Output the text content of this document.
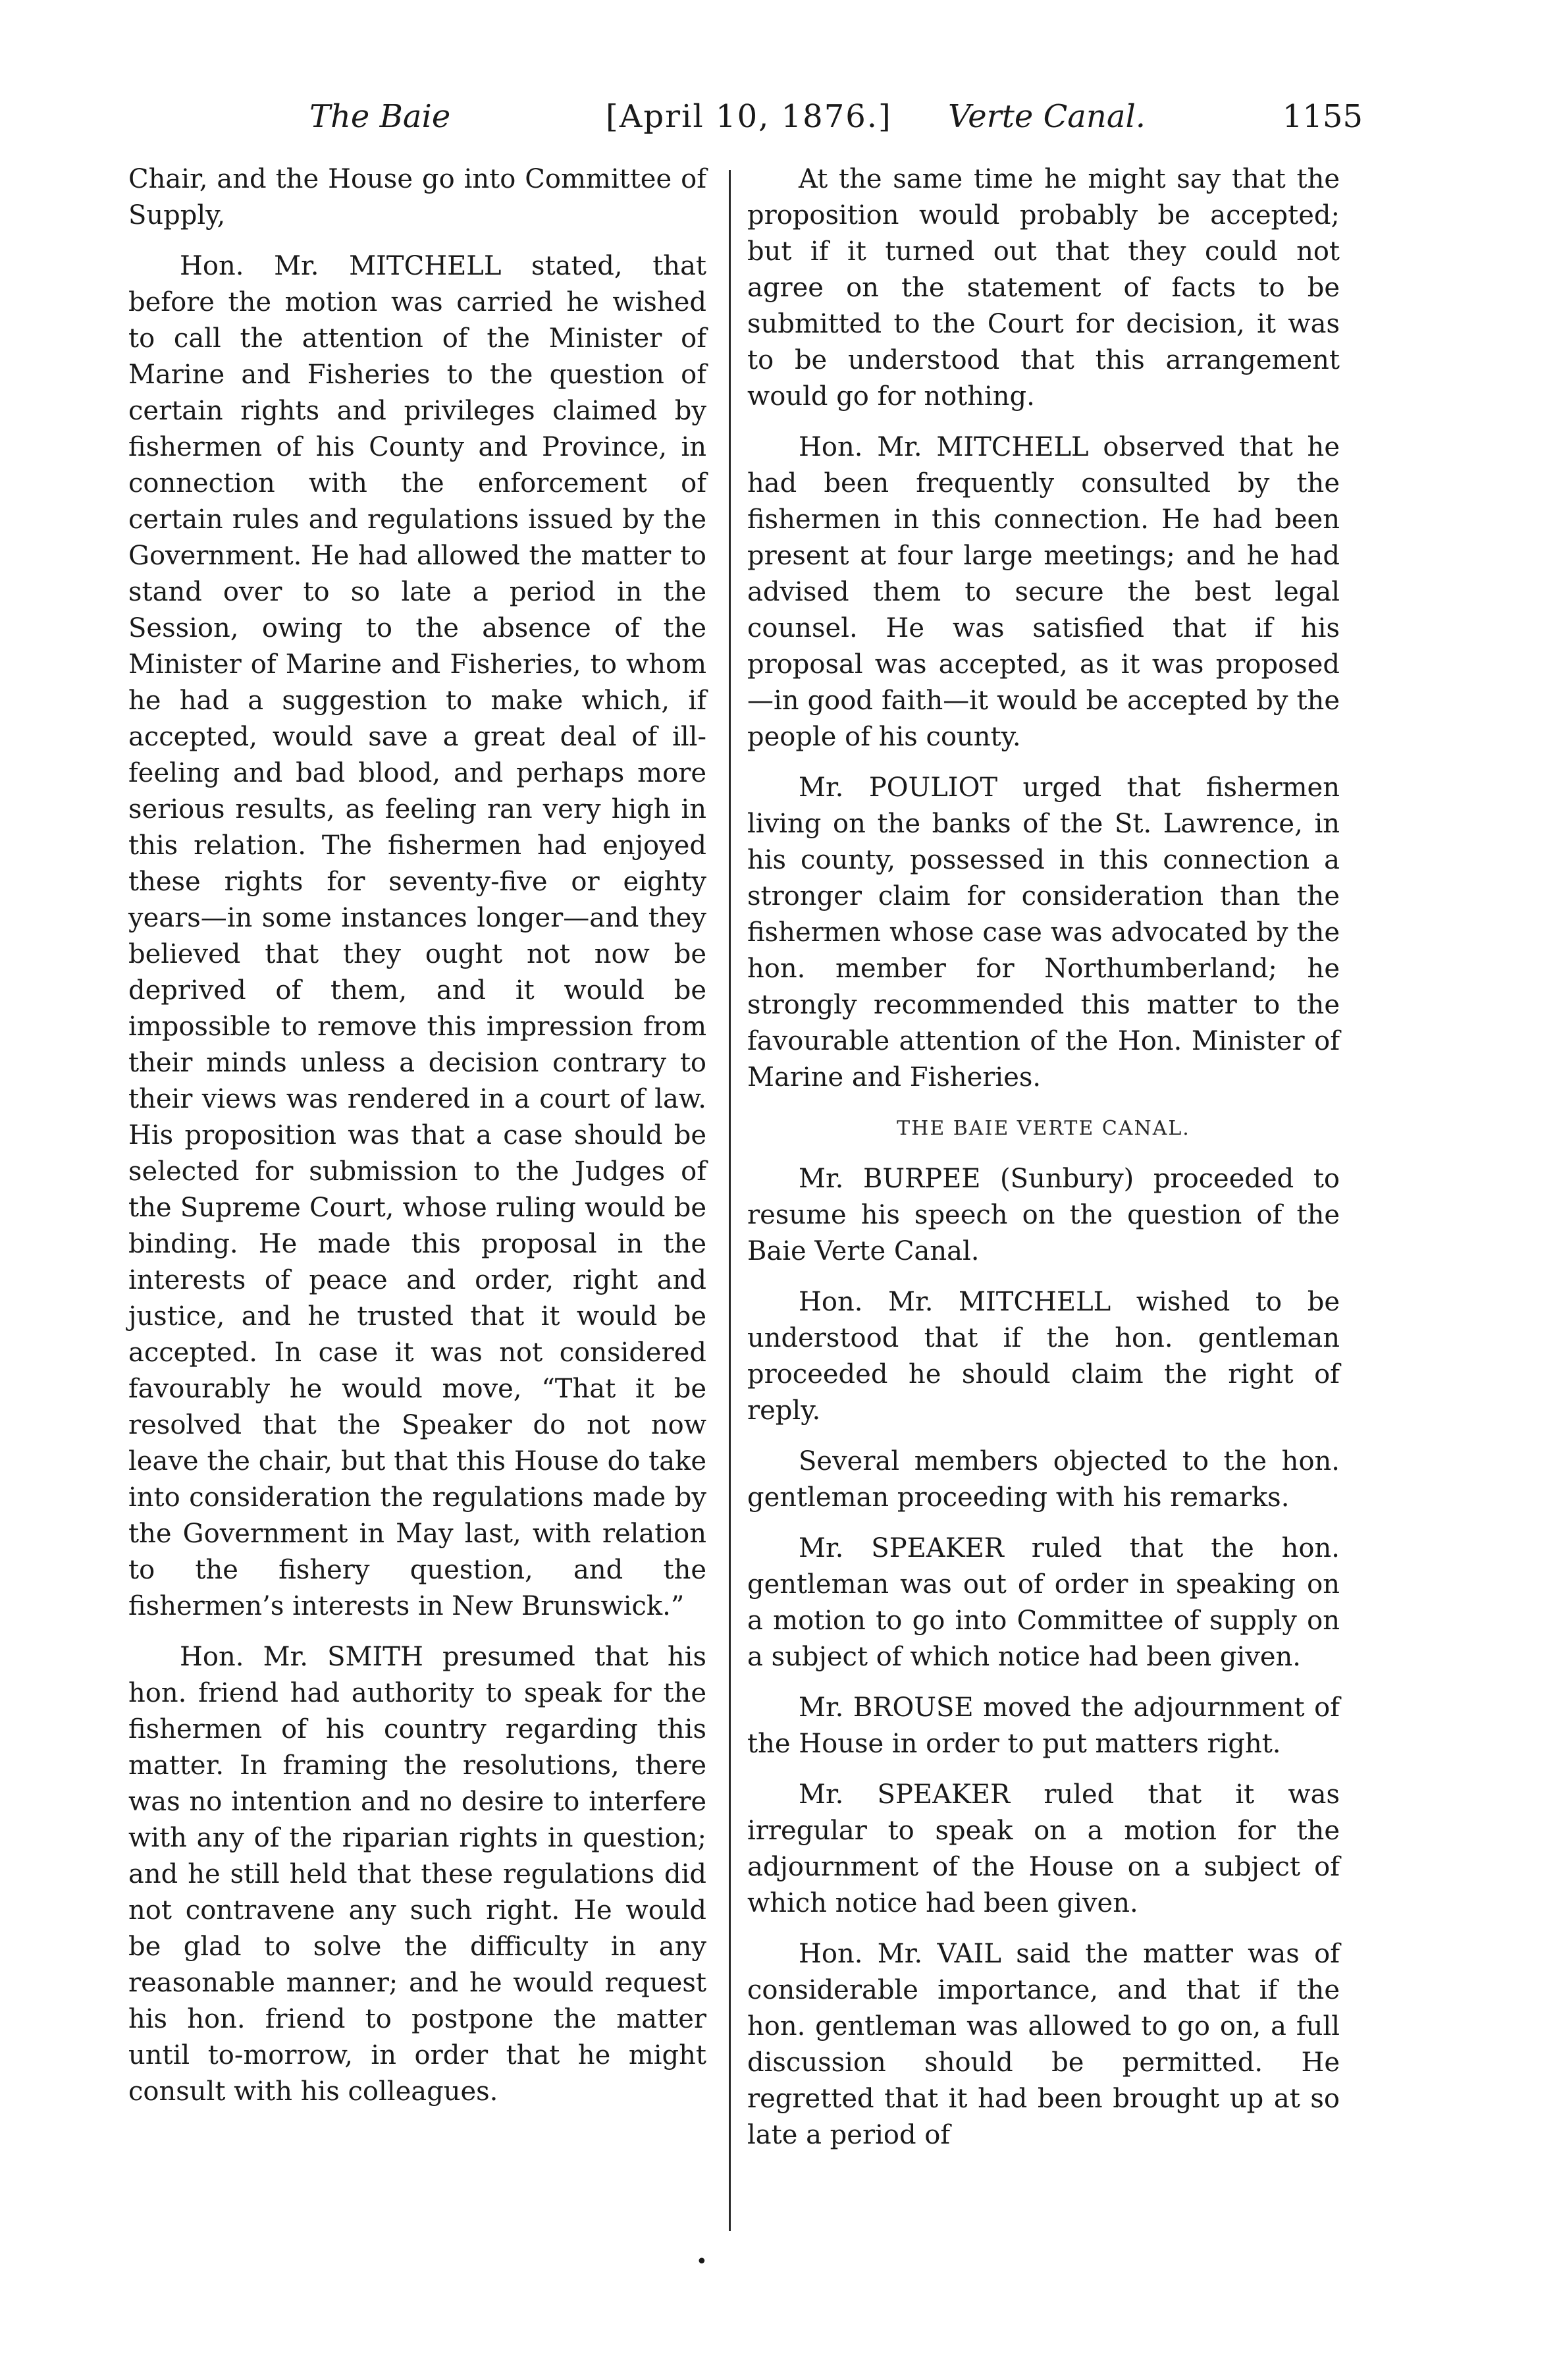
The Baie	[April 10, 1876.] Verte Canal.	1155

Chair, and the House go into Committee of Supply,

Hon. Mr. MITCHELL stated, that before the motion was carried he wished to call the attention of the Minister of Marine and Fisheries to the question of certain rights and privileges claimed by fishermen of his County and Province, in connection with the enforcement of certain rules and regulations issued by the Government. He had allowed the matter to stand over to so late a period in the Session, owing to the absence of the Minister of Marine and Fisheries, to whom he had a suggestion to make which, if accepted, would save a great deal of ill-feeling and bad blood, and perhaps more serious results, as feeling ran very high in this relation. The fishermen had enjoyed these rights for seventy-five or eighty years—in some instances longer—and they believed that they ought not now be deprived of them, and it would be impossible to remove this impression from their minds unless a decision contrary to their views was rendered in a court of law. His proposition was that a case should be selected for submission to the Judges of the Supreme Court, whose ruling would be binding. He made this proposal in the interests of peace and order, right and justice, and he trusted that it would be accepted. In case it was not considered favourably he would move, “That it be resolved that the Speaker do not now leave the chair, but that this House do take into consideration the regulations made by the Government in May last, with relation to the fishery question, and the fishermen’s interests in New Brunswick.”

Hon. Mr. SMITH presumed that his hon. friend had authority to speak for the fishermen of his country regarding this matter. In framing the resolutions, there was no intention and no desire to interfere with any of the riparian rights in question; and he still held that these regulations did not contravene any such right. He would be glad to solve the difficulty in any reasonable manner; and he would request his hon. friend to postpone the matter until to-morrow, in order that he might consult with his colleagues.

At the same time he might say that the proposition would probably be accepted; but if it turned out that they could not agree on the statement of facts to be submitted to the Court for decision, it was to be understood that this arrangement would go for nothing.

Hon. Mr. MITCHELL observed that he had been frequently consulted by the fishermen in this connection. He had been present at four large meetings; and he had advised them to secure the best legal counsel. He was satisfied that if his proposal was accepted, as it was proposed—in good faith—it would be accepted by the people of his county.

Mr. POULIOT urged that fishermen living on the banks of the St. Lawrence, in his county, possessed in this connection a stronger claim for consideration than the fishermen whose case was advocated by the hon. member for Northumberland; he strongly recommended this matter to the favourable attention of the Hon. Minister of Marine and Fisheries.

THE BAIE VERTE CANAL.

Mr. BURPEE (Sunbury) proceeded to resume his speech on the question of the Baie Verte Canal.

Hon. Mr. MITCHELL wished to be understood that if the hon. gentleman proceeded he should claim the right of reply.

Several members objected to the hon. gentleman proceeding with his remarks.

Mr. SPEAKER ruled that the hon. gentleman was out of order in speaking on a motion to go into Committee of supply on a subject of which notice had been given.

Mr. BROUSE moved the adjournment of the House in order to put matters right.

Mr. SPEAKER ruled that it was irregular to speak on a motion for the adjournment of the House on a subject of which notice had been given.

Hon. Mr. VAIL said the matter was of considerable importance, and that if the hon. gentleman was allowed to go on, a full discussion should be permitted. He regretted that it had been brought up at so late a period of

•
